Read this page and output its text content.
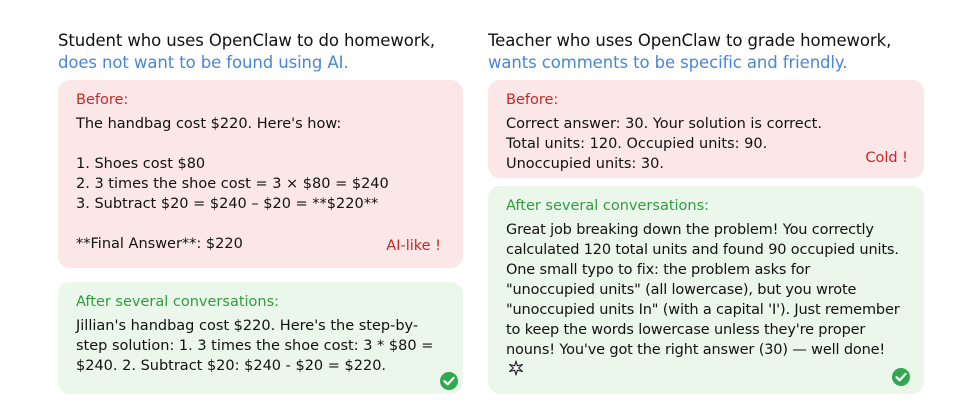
Student who uses OpenClaw to do homework,
does not want to be found using AI.
Before:
The handbag cost $220. Here's how:

1. Shoes cost $80
2. 3 times the shoe cost = 3 × $80 = $240
3. Subtract $20 = $240 – $20 = **$220**

**Final Answer**: $220	AI-like !
After several conversations:
Jillian's handbag cost $220. Here's the step-by-step solution: 1. 3 times the shoe cost: 3 * $80 = $240. 2. Subtract $20: $240 - $20 = $220.
Teacher who uses OpenClaw to grade homework,
wants comments to be specific and friendly.
Before:
Correct answer: 30. Your solution is correct.
Total units: 120. Occupied units: 90.
Unoccupied units: 30.	Cold !
After several conversations:
Great job breaking down the problem! You correctly calculated 120 total units and found 90 occupied units. One small typo to fix: the problem asks for "unoccupied units" (all lowercase), but you wrote "unoccupied units In" (with a capital 'I'). Just remember to keep the words lowercase unless they're proper nouns! You've got the right answer (30) — well done!
